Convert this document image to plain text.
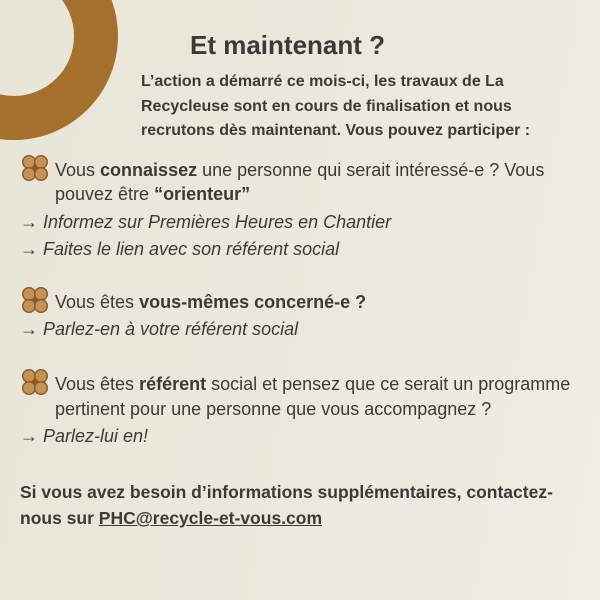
Et maintenant ?
L’action a démarré ce mois-ci, les travaux de La
Recycleuse sont en cours de finalisation et nous
recrutons dès maintenant. Vous pouvez participer :
Vous connaissez une personne qui serait intéressé-e ? Vous
pouvez être “orienteur”
→ Informez sur Premières Heures en Chantier
→ Faites le lien avec son référent social
Vous êtes vous-mêmes concerné-e ?
→ Parlez-en à votre référent social
Vous êtes référent social et pensez que ce serait un programme
pertinent pour une personne que vous accompagnez ?
→ Parlez-lui en!
Si vous avez besoin d’informations supplémentaires, contactez-
nous sur PHC@recycle-et-vous.com
